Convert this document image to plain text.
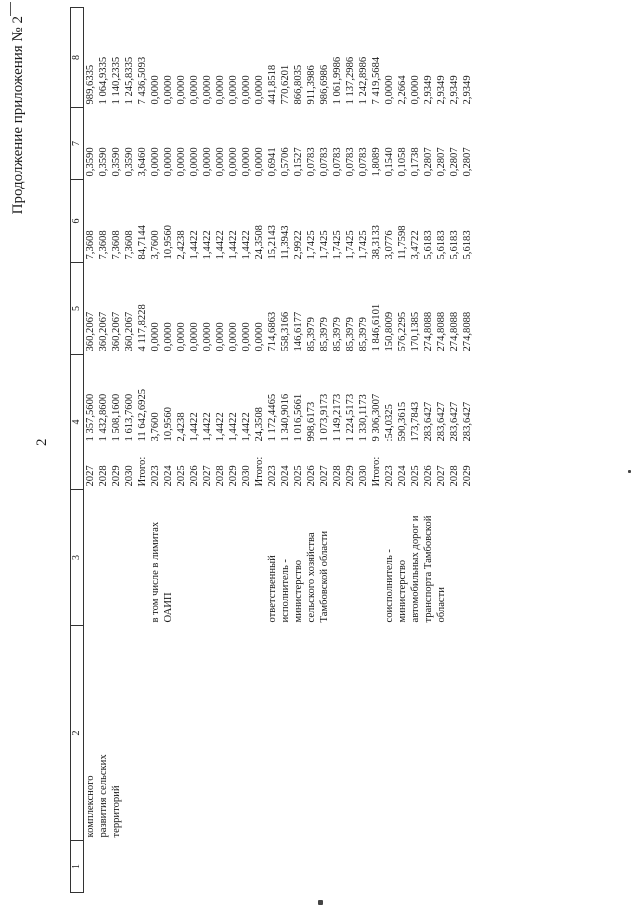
Продолжение приложения № 2
2
1	2	3	4		5	6	7	8
	комплексного		2027	1 357,5600	360,2067	7,3608	0,3590	989,6335
	развития сельских		2028	1 432,8600	360,2067	7,3608	0,3590	1 064,9335
	территорий		2029	1 508,1600	360,2067	7,3608	0,3590	1 140,2335
			2030	1 613,7600	360,2067	7,3608	0,3590	1 245,8335
			Итого:	11 642,6925	4 117,8228	84,7144	3,6460	7 436,5093
		в том числе в лимитах	2023	3,7600	0,0000	3,7600	0,0000	0,0000
		ОАИП	2024	10,9560	0,0000	10,9560	0,0000	0,0000
			2025	2,4238	0,0000	2,4238	0,0000	0,0000
			2026	1,4422	0,0000	1,4422	0,0000	0,0000
			2027	1,4422	0,0000	1,4422	0,0000	0,0000
			2028	1,4422	0,0000	1,4422	0,0000	0,0000
			2029	1,4422	0,0000	1,4422	0,0000	0,0000
			2030	1,4422	0,0000	1,4422	0,0000	0,0000
			Итого:	24,3508	0,0000	24,3508	0,0000	0,0000
		ответственный	2023	1 172,4465	714,6863	15,2143	0,6941	441,8518
		исполнитель -	2024	1 340,9016	558,3166	11,3943	0,5706	770,6201
		министерство	2025	1 016,5661	146,6177	2,9922	0,1527	866,8035
		сельского хозяйства	2026	998,6173	85,3979	1,7425	0,0783	911,3986
		Тамбовской области	2027	1 073,9173	85,3979	1,7425	0,0783	986,6986
			2028	1 149,2173	85,3979	1,7425	0,0783	1 061,9986
			2029	1 224,5173	85,3979	1,7425	0,0783	1 137,2986
			2030	1 330,1173	85,3979	1,7425	0,0783	1 242,8986
			Итого:	9 306,3007	1 846,6101	38,3133	1,8089	7 419,5684
		соисполнитель -	2023	:54,0325	150,8009	3,0776	0,1540	0,0000
		министерство	2024	590,3615	576,2295	11,7598	0,1058	2,2664
		автомобильных дорог и	2025	173,7843	170,1385	3,4722	0,1738	0,0000
		транспорта Тамбовской	2026	283,6427	274,8088	5,6183	0,2807	2,9349
		области	2027	283,6427	274,8088	5,6183	0,2807	2,9349
			2028	283,6427	274,8088	5,6183	0,2807	2,9349
			2029	283,6427	274,8088	5,6183	0,2807	2,9349
